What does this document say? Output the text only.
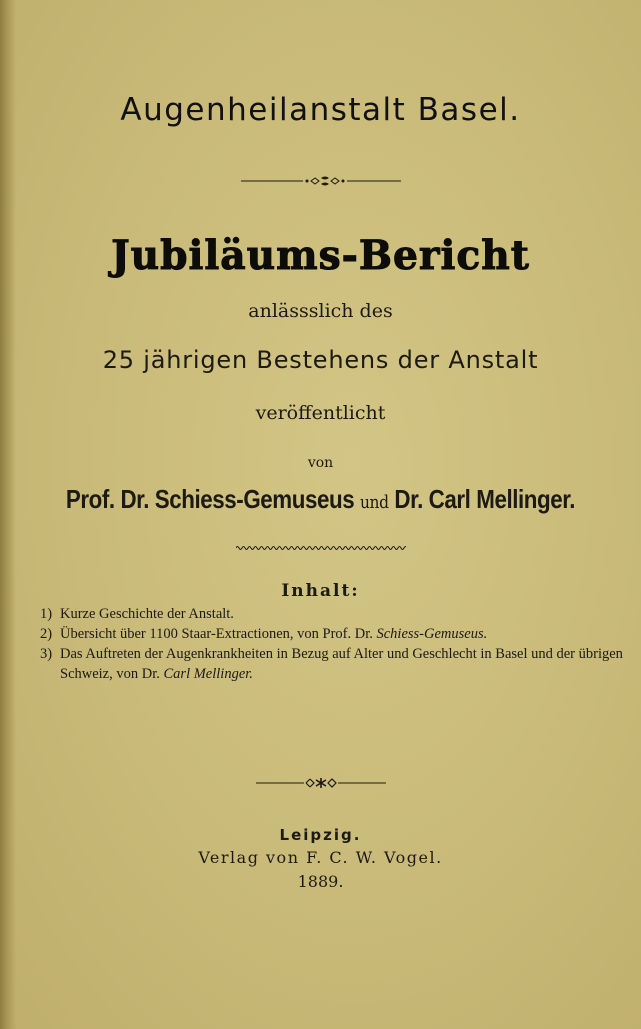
Augenheilanstalt Basel.
Jubiläums-Bericht
anlässslich des
25 jährigen Bestehens der Anstalt
veröffentlicht
von
Prof. Dr. Schiess-Gemuseus und Dr. Carl Mellinger.
Inhalt:
1) Kurze Geschichte der Anstalt.
2) Übersicht über 1100 Staar-Extractionen, von Prof. Dr. Schiess-Gemuseus.
3) Das Auftreten der Augenkrankheiten in Bezug auf Alter und Geschlecht in Basel und der übrigen Schweiz, von Dr. Carl Mellinger.
Leipzig.
Verlag von F. C. W. Vogel.
1889.
